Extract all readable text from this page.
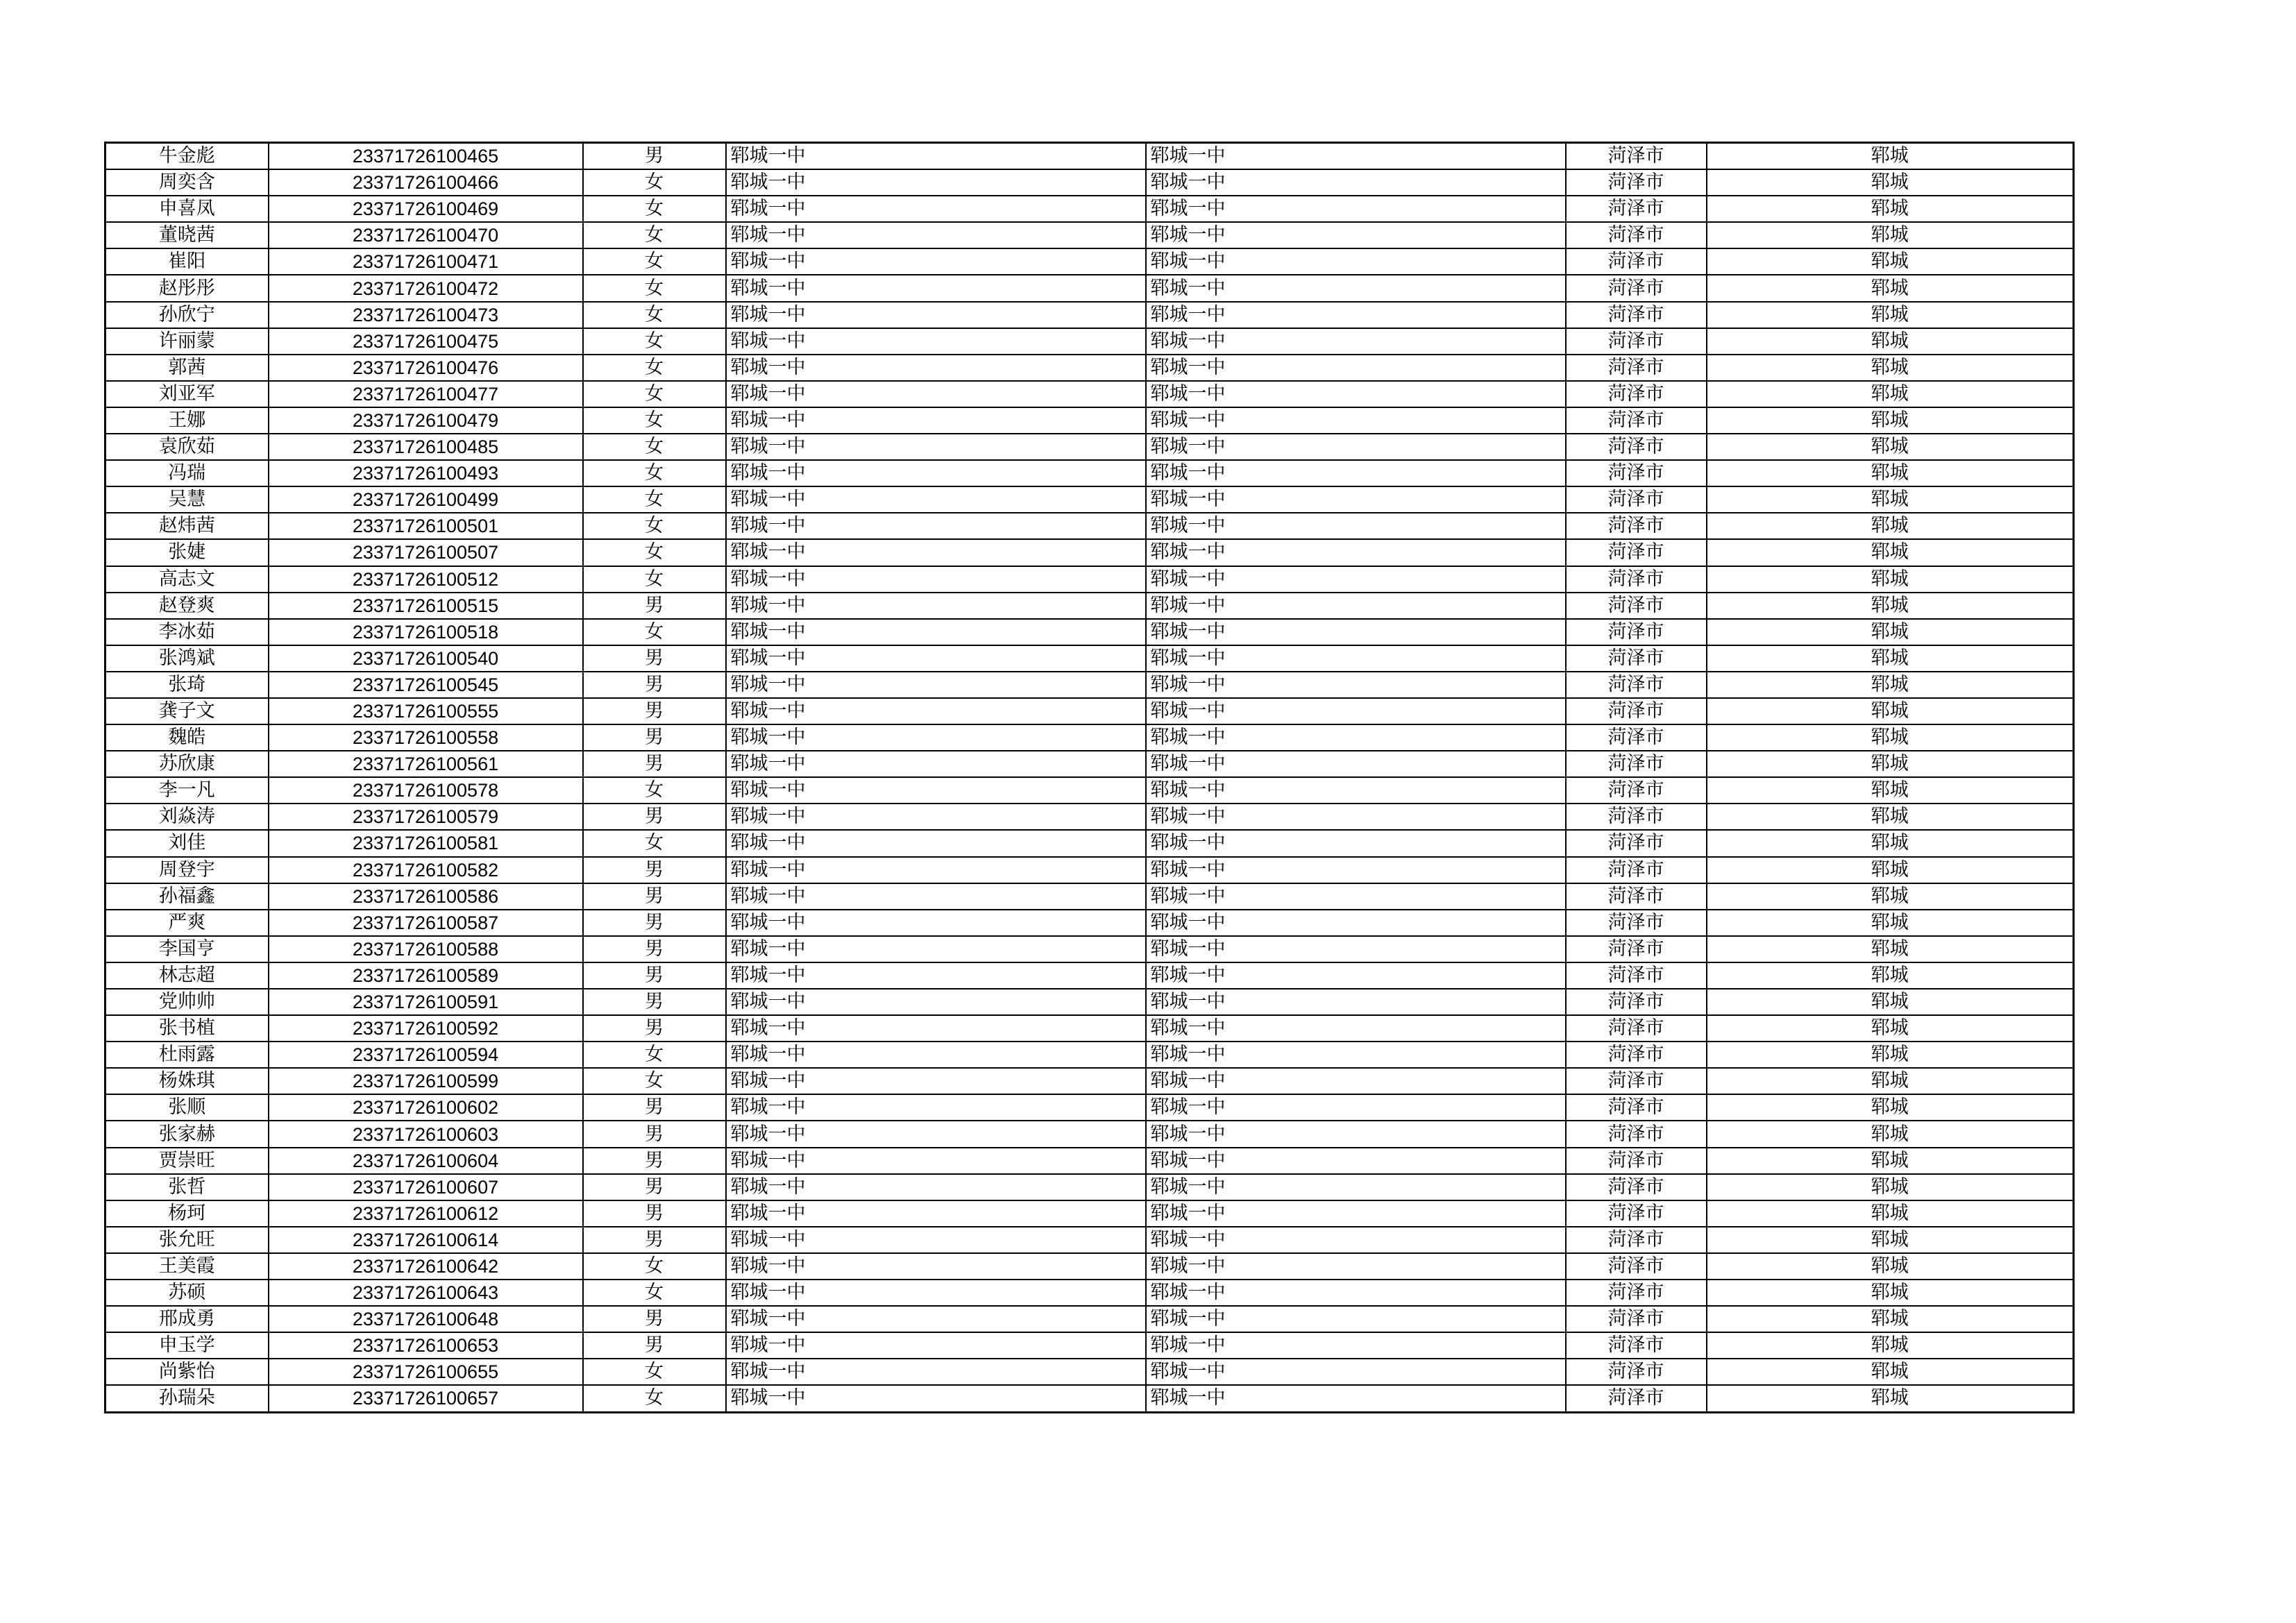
牛金彪	23371726100465	男	郓城一中	郓城一中	菏泽市	郓城
周奕含	23371726100466	女	郓城一中	郓城一中	菏泽市	郓城
申喜凤	23371726100469	女	郓城一中	郓城一中	菏泽市	郓城
董晓茜	23371726100470	女	郓城一中	郓城一中	菏泽市	郓城
崔阳	23371726100471	女	郓城一中	郓城一中	菏泽市	郓城
赵彤彤	23371726100472	女	郓城一中	郓城一中	菏泽市	郓城
孙欣宁	23371726100473	女	郓城一中	郓城一中	菏泽市	郓城
许丽蒙	23371726100475	女	郓城一中	郓城一中	菏泽市	郓城
郭茜	23371726100476	女	郓城一中	郓城一中	菏泽市	郓城
刘亚军	23371726100477	女	郓城一中	郓城一中	菏泽市	郓城
王娜	23371726100479	女	郓城一中	郓城一中	菏泽市	郓城
袁欣茹	23371726100485	女	郓城一中	郓城一中	菏泽市	郓城
冯瑞	23371726100493	女	郓城一中	郓城一中	菏泽市	郓城
吴慧	23371726100499	女	郓城一中	郓城一中	菏泽市	郓城
赵炜茜	23371726100501	女	郓城一中	郓城一中	菏泽市	郓城
张婕	23371726100507	女	郓城一中	郓城一中	菏泽市	郓城
高志文	23371726100512	女	郓城一中	郓城一中	菏泽市	郓城
赵登爽	23371726100515	男	郓城一中	郓城一中	菏泽市	郓城
李冰茹	23371726100518	女	郓城一中	郓城一中	菏泽市	郓城
张鸿斌	23371726100540	男	郓城一中	郓城一中	菏泽市	郓城
张琦	23371726100545	男	郓城一中	郓城一中	菏泽市	郓城
龚子文	23371726100555	男	郓城一中	郓城一中	菏泽市	郓城
魏皓	23371726100558	男	郓城一中	郓城一中	菏泽市	郓城
苏欣康	23371726100561	男	郓城一中	郓城一中	菏泽市	郓城
李一凡	23371726100578	女	郓城一中	郓城一中	菏泽市	郓城
刘焱涛	23371726100579	男	郓城一中	郓城一中	菏泽市	郓城
刘佳	23371726100581	女	郓城一中	郓城一中	菏泽市	郓城
周登宇	23371726100582	男	郓城一中	郓城一中	菏泽市	郓城
孙福鑫	23371726100586	男	郓城一中	郓城一中	菏泽市	郓城
严爽	23371726100587	男	郓城一中	郓城一中	菏泽市	郓城
李国亨	23371726100588	男	郓城一中	郓城一中	菏泽市	郓城
林志超	23371726100589	男	郓城一中	郓城一中	菏泽市	郓城
党帅帅	23371726100591	男	郓城一中	郓城一中	菏泽市	郓城
张书植	23371726100592	男	郓城一中	郓城一中	菏泽市	郓城
杜雨露	23371726100594	女	郓城一中	郓城一中	菏泽市	郓城
杨姝琪	23371726100599	女	郓城一中	郓城一中	菏泽市	郓城
张顺	23371726100602	男	郓城一中	郓城一中	菏泽市	郓城
张家赫	23371726100603	男	郓城一中	郓城一中	菏泽市	郓城
贾崇旺	23371726100604	男	郓城一中	郓城一中	菏泽市	郓城
张哲	23371726100607	男	郓城一中	郓城一中	菏泽市	郓城
杨珂	23371726100612	男	郓城一中	郓城一中	菏泽市	郓城
张允旺	23371726100614	男	郓城一中	郓城一中	菏泽市	郓城
王美霞	23371726100642	女	郓城一中	郓城一中	菏泽市	郓城
苏硕	23371726100643	女	郓城一中	郓城一中	菏泽市	郓城
邢成勇	23371726100648	男	郓城一中	郓城一中	菏泽市	郓城
申玉学	23371726100653	男	郓城一中	郓城一中	菏泽市	郓城
尚紫怡	23371726100655	女	郓城一中	郓城一中	菏泽市	郓城
孙瑞朵	23371726100657	女	郓城一中	郓城一中	菏泽市	郓城
